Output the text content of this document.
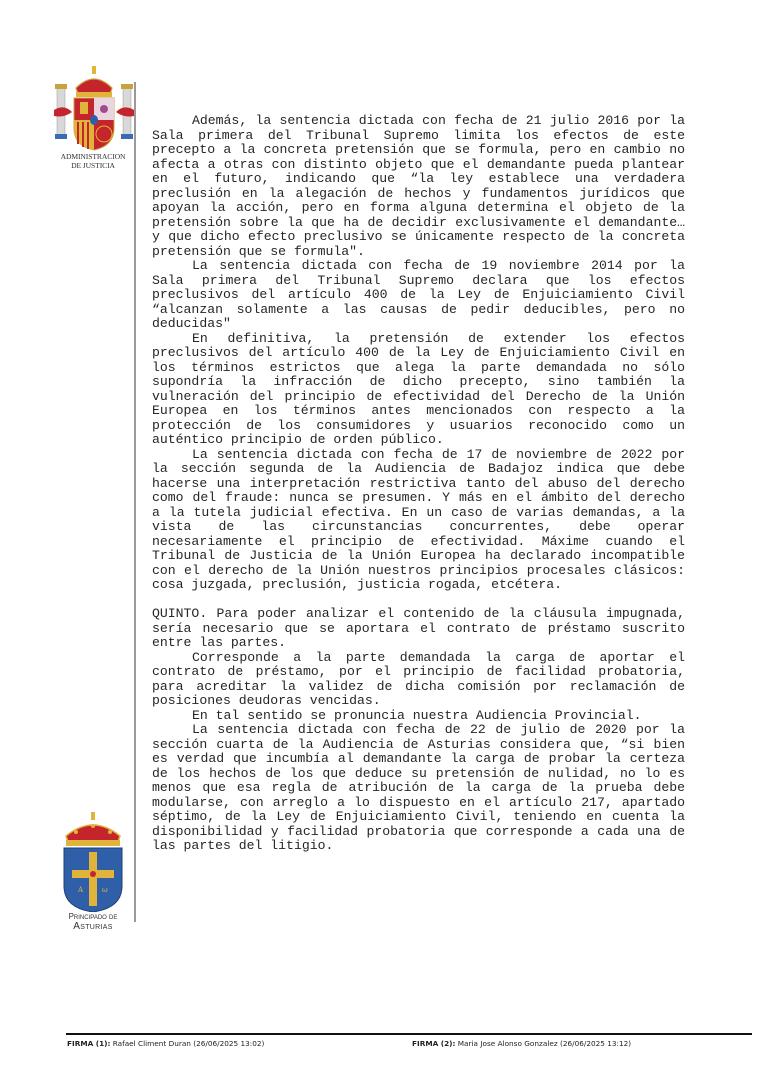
ADMINISTRACION
DE JUSTICIA
A	ω
Principado de
Asturias

Además, la sentencia dictada con fecha de 21 julio 2016 por la Sala primera del Tribunal Supremo limita los efectos de este precepto a la concreta pretensión que se formula, pero en cambio no afecta a otras con distinto objeto que el demandante pueda plantear en el futuro, indicando que “la ley establece una verdadera preclusión en la alegación de hechos y fundamentos jurídicos que apoyan la acción, pero en forma alguna determina el objeto de la pretensión sobre la que ha de decidir exclusivamente el demandante… y que dicho efecto preclusivo se únicamente respecto de la concreta pretensión que se formula".

La sentencia dictada con fecha de 19 noviembre 2014 por la Sala primera del Tribunal Supremo declara que los efectos preclusivos del artículo 400 de la Ley de Enjuiciamiento Civil “alcanzan solamente a las causas de pedir deducibles, pero no deducidas"

En definitiva, la pretensión de extender los efectos preclusivos del artículo 400 de la Ley de Enjuiciamiento Civil en los términos estrictos que alega la parte demandada no sólo supondría la infracción de dicho precepto, sino también la vulneración del principio de efectividad del Derecho de la Unión Europea en los términos antes mencionados con respecto a la protección de los consumidores y usuarios reconocido como un auténtico principio de orden público.

La sentencia dictada con fecha de 17 de noviembre de 2022 por la sección segunda de la Audiencia de Badajoz indica que debe hacerse una interpretación restrictiva tanto del abuso del derecho como del fraude: nunca se presumen. Y más en el ámbito del derecho a la tutela judicial efectiva. En un caso de varias demandas, a la vista de las circunstancias concurrentes, debe operar necesariamente el principio de efectividad. Máxime cuando el Tribunal de Justicia de la Unión Europea ha declarado incompatible con el derecho de la Unión nuestros principios procesales clásicos: cosa juzgada, preclusión, justicia rogada, etcétera.

QUINTO. Para poder analizar el contenido de la cláusula impugnada, sería necesario que se aportara el contrato de préstamo suscrito entre las partes.

Corresponde a la parte demandada la carga de aportar el contrato de préstamo, por el principio de facilidad probatoria, para acreditar la validez de dicha comisión por reclamación de posiciones deudoras vencidas.

En tal sentido se pronuncia nuestra Audiencia Provincial.

La sentencia dictada con fecha de 22 de julio de 2020 por la sección cuarta de la Audiencia de Asturias considera que, “si bien es verdad que incumbía al demandante la carga de probar la certeza de los hechos de los que deduce su pretensión de nulidad, no lo es menos que esa regla de atribución de la carga de la prueba debe modularse, con arreglo a lo dispuesto en el artículo 217, apartado séptimo, de la Ley de Enjuiciamiento Civil, teniendo en cuenta la disponibilidad y facilidad probatoria que corresponde a cada una de las partes del litigio.

FIRMA (1): Rafael Climent Duran (26/06/2025 13:02)	FIRMA (2): Maria Jose Alonso Gonzalez (26/06/2025 13:12)
